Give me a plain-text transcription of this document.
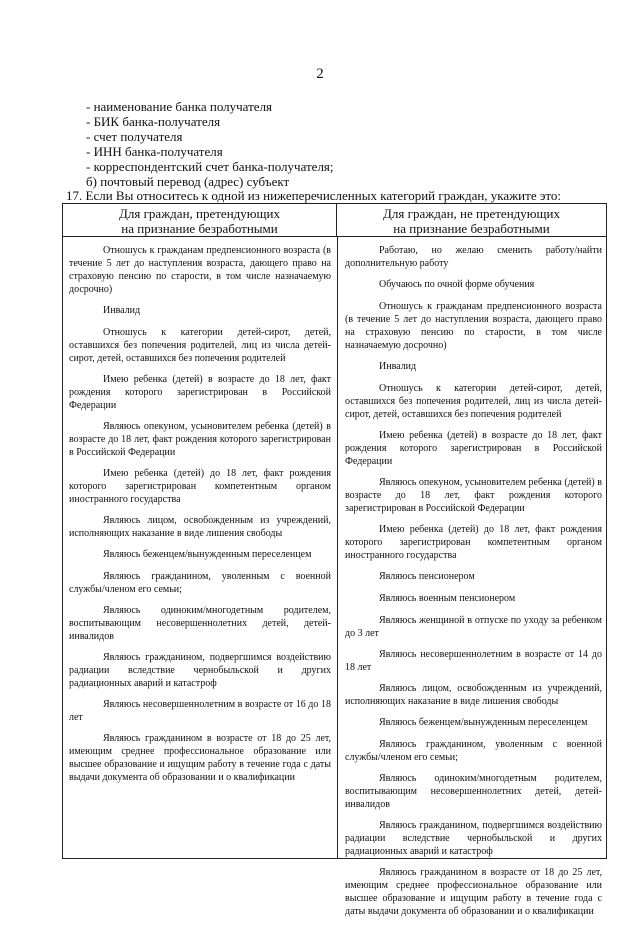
2
- наименование банка получателя
- БИК банка-получателя
- счет получателя
- ИНН банка-получателя
- корреспондентский счет банка-получателя;
б) почтовый перевод (адрес) субъект
17. Если Вы относитесь к одной из нижеперечисленных категорий граждан, укажите это:
Для граждан, претендующих
на признание безработными
Для граждан, не претендующих
на признание безработными

Отношусь к гражданам предпенсионного возраста (в течение 5 лет до наступления возраста, дающего право на страховую пенсию по старости, в том числе назначаемую досрочно)

Инвалид

Отношусь к категории детей-сирот, детей, оставшихся без попечения родителей, лиц из числа детей-сирот, детей, оставшихся без попечения родителей

Имею ребенка (детей) в возрасте до 18 лет, факт рождения которого зарегистрирован в Российской Федерации

Являюсь опекуном, усыновителем ребенка (детей) в возрасте до 18 лет, факт рождения которого зарегистрирован в Российской Федерации

Имею ребенка (детей) до 18 лет, факт рождения которого зарегистрирован компетентным органом иностранного государства

Являюсь лицом, освобожденным из учреждений, исполняющих наказание в виде лишения свободы

Являюсь беженцем/вынужденным переселенцем

Являюсь гражданином, уволенным с военной службы/членом его семьи;

Являюсь одиноким/многодетным родителем, воспитывающим несовершеннолетних детей, детей-инвалидов

Являюсь гражданином, подвергшимся воздействию радиации вследствие чернобыльской и других радиационных аварий и катастроф

Являюсь несовершеннолетним в возрасте от 16 до 18 лет

Являюсь гражданином в возрасте от 18 до 25 лет, имеющим среднее профессиональное образование или высшее образование и ищущим работу в течение года с даты выдачи документа об образовании и о квалификации

Работаю, но желаю сменить работу/найти дополнительную работу

Обучаюсь по очной форме обучения

Отношусь к гражданам предпенсионного возраста (в течение 5 лет до наступления возраста, дающего право на страховую пенсию по старости, в том числе назначаемую досрочно)

Инвалид

Отношусь к категории детей-сирот, детей, оставшихся без попечения родителей, лиц из числа детей-сирот, детей, оставшихся без попечения родителей

Имею ребенка (детей) в возрасте до 18 лет, факт рождения которого зарегистрирован в Российской Федерации

Являюсь опекуном, усыновителем ребенка (детей) в возрасте до 18 лет, факт рождения которого зарегистрирован в Российской Федерации

Имею ребенка (детей) до 18 лет, факт рождения которого зарегистрирован компетентным органом иностранного государства

Являюсь пенсионером

Являюсь военным пенсионером

Являюсь женщиной в отпуске по уходу за ребенком до 3 лет

Являюсь несовершеннолетним в возрасте от 14 до 18 лет

Являюсь лицом, освобожденным из учреждений, исполняющих наказание в виде лишения свободы

Являюсь беженцем/вынужденным переселенцем

Являюсь гражданином, уволенным с военной службы/членом его семьи;

Являюсь одиноким/многодетным родителем, воспитывающим несовершеннолетних детей, детей-инвалидов

Являюсь гражданином, подвергшимся воздействию радиации вследствие чернобыльской и других радиационных аварий и катастроф

Являюсь гражданином в возрасте от 18 до 25 лет, имеющим среднее профессиональное образование или высшее образование и ищущим работу в течение года с даты выдачи документа об образовании и о квалификации
